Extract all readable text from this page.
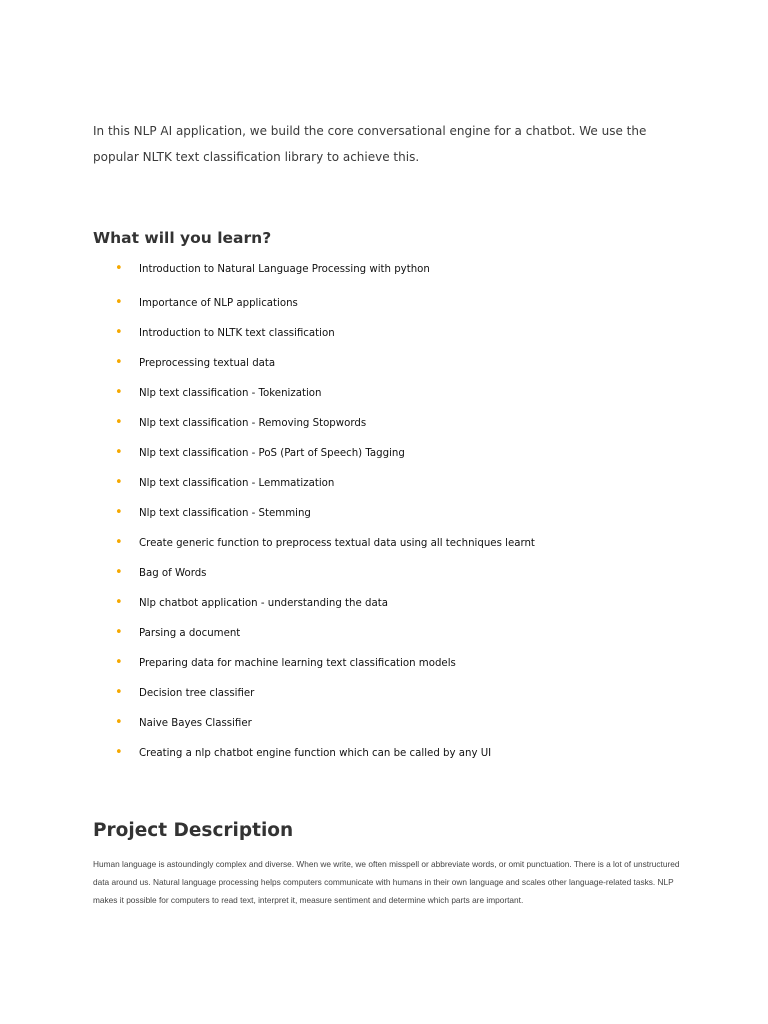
In this NLP AI application, we build the core conversational engine for a chatbot. We use the popular NLTK text classification library to achieve this.

What will you learn?
• Introduction to Natural Language Processing with python
• Importance of NLP applications
• Introduction to NLTK text classification
• Preprocessing textual data
• Nlp text classification - Tokenization
• Nlp text classification - Removing Stopwords
• Nlp text classification - PoS (Part of Speech) Tagging
• Nlp text classification - Lemmatization
• Nlp text classification - Stemming
• Create generic function to preprocess textual data using all techniques learnt
• Bag of Words
• Nlp chatbot application - understanding the data
• Parsing a document
• Preparing data for machine learning text classification models
• Decision tree classifier
• Naive Bayes Classifier
• Creating a nlp chatbot engine function which can be called by any UI
Project Description

Human language is astoundingly complex and diverse. When we write, we often misspell or abbreviate words, or omit punctuation. There is a lot of unstructured data around us. Natural language processing helps computers communicate with humans in their own language and scales other language-related tasks. NLP makes it possible for computers to read text, interpret it, measure sentiment and determine which parts are important.
